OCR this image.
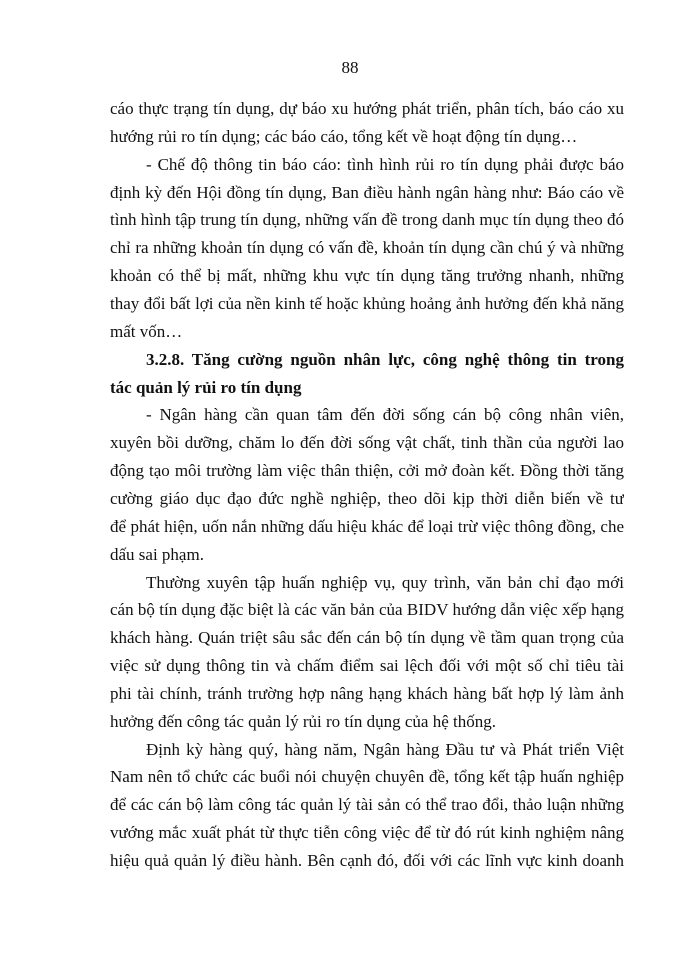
88
cáo thực trạng tín dụng, dự báo xu hướng phát triển, phân tích, báo cáo xu
hướng rủi ro tín dụng; các báo cáo, tổng kết về hoạt động tín dụng…
- Chế độ thông tin báo cáo: tình hình rủi ro tín dụng phải được báo
định kỳ đến Hội đồng tín dụng, Ban điều hành ngân hàng như: Báo cáo về
tình hình tập trung tín dụng, những vấn đề trong danh mục tín dụng theo đó
chỉ ra những khoản tín dụng có vấn đề, khoản tín dụng cần chú ý và những
khoản có thể bị mất, những khu vực tín dụng tăng trưởng nhanh, những
thay đổi bất lợi của nền kinh tế hoặc khủng hoảng ảnh hưởng đến khả năng
mất vốn…
3.2.8. Tăng cường nguồn nhân lực, công nghệ thông tin trong
tác quản lý rủi ro tín dụng
- Ngân hàng cần quan tâm đến đời sống cán bộ công nhân viên,
xuyên bồi dưỡng, chăm lo đến đời sống vật chất, tinh thần của người lao
động tạo môi trường làm việc thân thiện, cởi mở đoàn kết. Đồng thời tăng
cường giáo dục đạo đức nghề nghiệp, theo dõi kịp thời diễn biến về tư
để phát hiện, uốn nắn những dấu hiệu khác để loại trừ việc thông đồng, che
dấu sai phạm.
Thường xuyên tập huấn nghiệp vụ, quy trình, văn bản chỉ đạo mới
cán bộ tín dụng đặc biệt là các văn bản của BIDV hướng dẫn việc xếp hạng
khách hàng. Quán triệt sâu sắc đến cán bộ tín dụng về tầm quan trọng của
việc sử dụng thông tin và chấm điểm sai lệch đối với một số chỉ tiêu tài
phi tài chính, tránh trường hợp nâng hạng khách hàng bất hợp lý làm ảnh
hưởng đến công tác quản lý rủi ro tín dụng của hệ thống.
Định kỳ hàng quý, hàng năm, Ngân hàng Đầu tư và Phát triển Việt
Nam nên tổ chức các buổi nói chuyện chuyên đề, tổng kết tập huấn nghiệp
để các cán bộ làm công tác quản lý tài sản có thể trao đổi, thảo luận những
vướng mắc xuất phát từ thực tiễn công việc để từ đó rút kinh nghiệm nâng
hiệu quả quản lý điều hành. Bên cạnh đó, đối với các lĩnh vực kinh doanh
